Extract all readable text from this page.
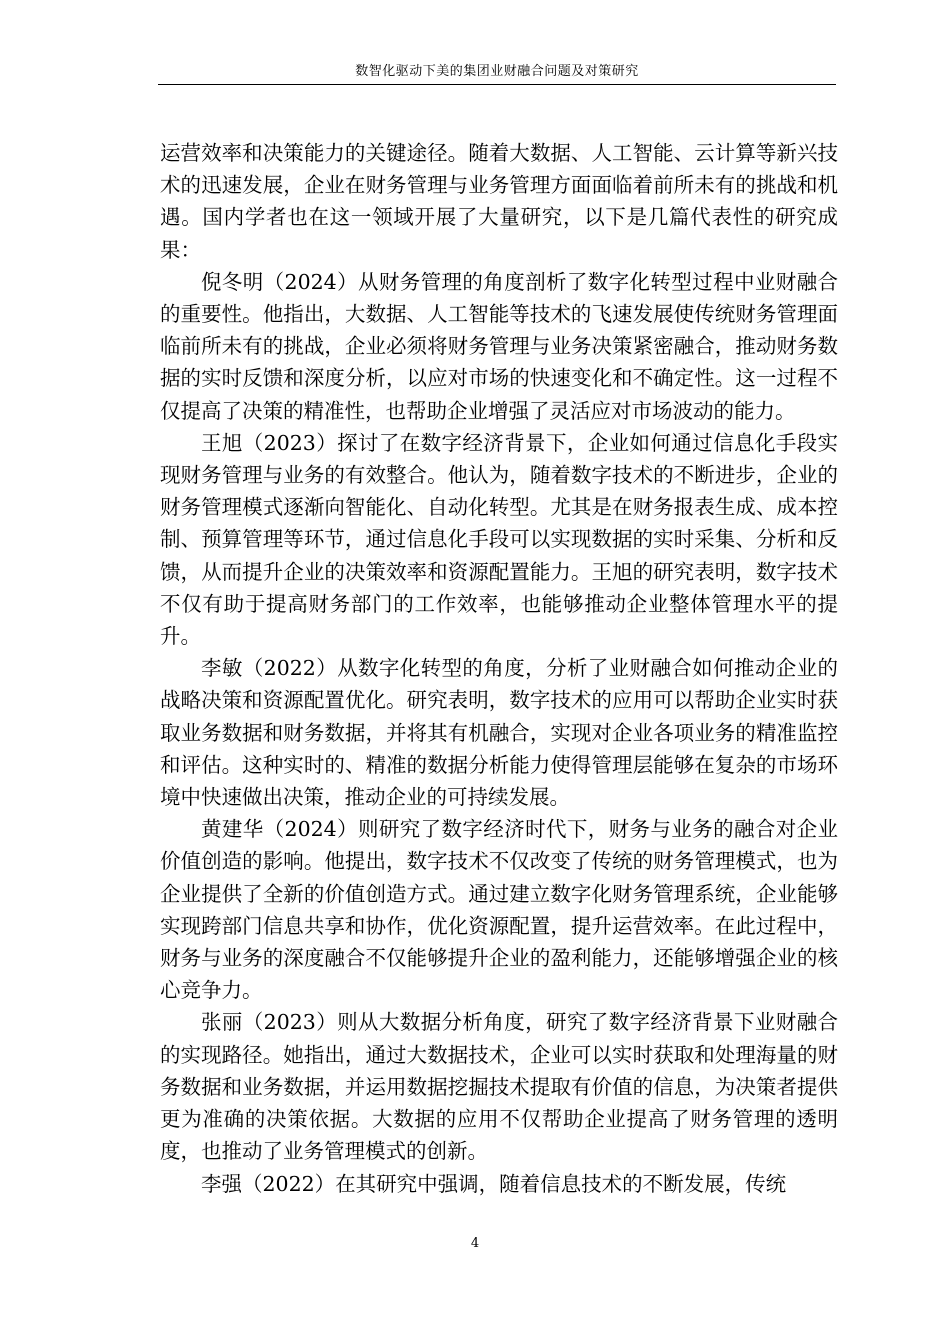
数智化驱动下美的集团业财融合问题及对策研究

运营效率和决策能力的关键途径。随着大数据、人工智能、云计算等新兴技术的迅速发展，企业在财务管理与业务管理方面面临着前所未有的挑战和机遇。国内学者也在这一领域开展了大量研究，以下是几篇代表性的研究成果：

倪冬明（2024）从财务管理的角度剖析了数字化转型过程中业财融合的重要性。他指出，大数据、人工智能等技术的飞速发展使传统财务管理面临前所未有的挑战，企业必须将财务管理与业务决策紧密融合，推动财务数据的实时反馈和深度分析，以应对市场的快速变化和不确定性。这一过程不仅提高了决策的精准性，也帮助企业增强了灵活应对市场波动的能力。

王旭（2023）探讨了在数字经济背景下，企业如何通过信息化手段实现财务管理与业务的有效整合。他认为，随着数字技术的不断进步，企业的财务管理模式逐渐向智能化、自动化转型。尤其是在财务报表生成、成本控制、预算管理等环节，通过信息化手段可以实现数据的实时采集、分析和反馈，从而提升企业的决策效率和资源配置能力。王旭的研究表明，数字技术不仅有助于提高财务部门的工作效率，也能够推动企业整体管理水平的提升。

李敏（2022）从数字化转型的角度，分析了业财融合如何推动企业的战略决策和资源配置优化。研究表明，数字技术的应用可以帮助企业实时获取业务数据和财务数据，并将其有机融合，实现对企业各项业务的精准监控和评估。这种实时的、精准的数据分析能力使得管理层能够在复杂的市场环境中快速做出决策，推动企业的可持续发展。

黄建华（2024）则研究了数字经济时代下，财务与业务的融合对企业价值创造的影响。他提出，数字技术不仅改变了传统的财务管理模式，也为企业提供了全新的价值创造方式。通过建立数字化财务管理系统，企业能够实现跨部门信息共享和协作，优化资源配置，提升运营效率。在此过程中，财务与业务的深度融合不仅能够提升企业的盈利能力，还能够增强企业的核心竞争力。

张丽（2023）则从大数据分析角度，研究了数字经济背景下业财融合的实现路径。她指出，通过大数据技术，企业可以实时获取和处理海量的财务数据和业务数据，并运用数据挖掘技术提取有价值的信息，为决策者提供更为准确的决策依据。大数据的应用不仅帮助企业提高了财务管理的透明度，也推动了业务管理模式的创新。

李强（2022）在其研究中强调，随着信息技术的不断发展，传统

4
